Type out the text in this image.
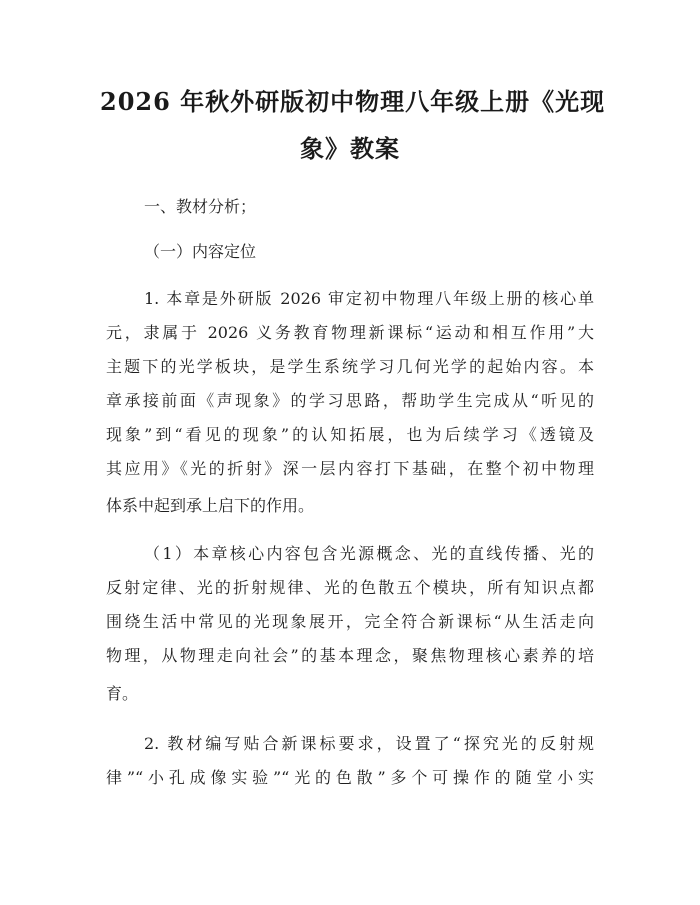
2026 年秋外研版初中物理八年级上册《光现
象》教案
一、教材分析；
（一）内容定位
1. 本章是外研版 2026 审定初中物理八年级上册的核心单
元，隶属于 2026 义务教育物理新课标“运动和相互作用”大
主题下的光学板块，是学生系统学习几何光学的起始内容。本
章承接前面《声现象》的学习思路，帮助学生完成从“听见的
现象”到“看见的现象”的认知拓展，也为后续学习《透镜及
其应用》《光的折射》深一层内容打下基础，在整个初中物理
体系中起到承上启下的作用。
（1）本章核心内容包含光源概念、光的直线传播、光的
反射定律、光的折射规律、光的色散五个模块，所有知识点都
围绕生活中常见的光现象展开，完全符合新课标“从生活走向
物理，从物理走向社会”的基本理念，聚焦物理核心素养的培
育。
2. 教材编写贴合新课标要求，设置了“探究光的反射规
律”“小孔成像实验”“光的色散”多个可操作的随堂小实
